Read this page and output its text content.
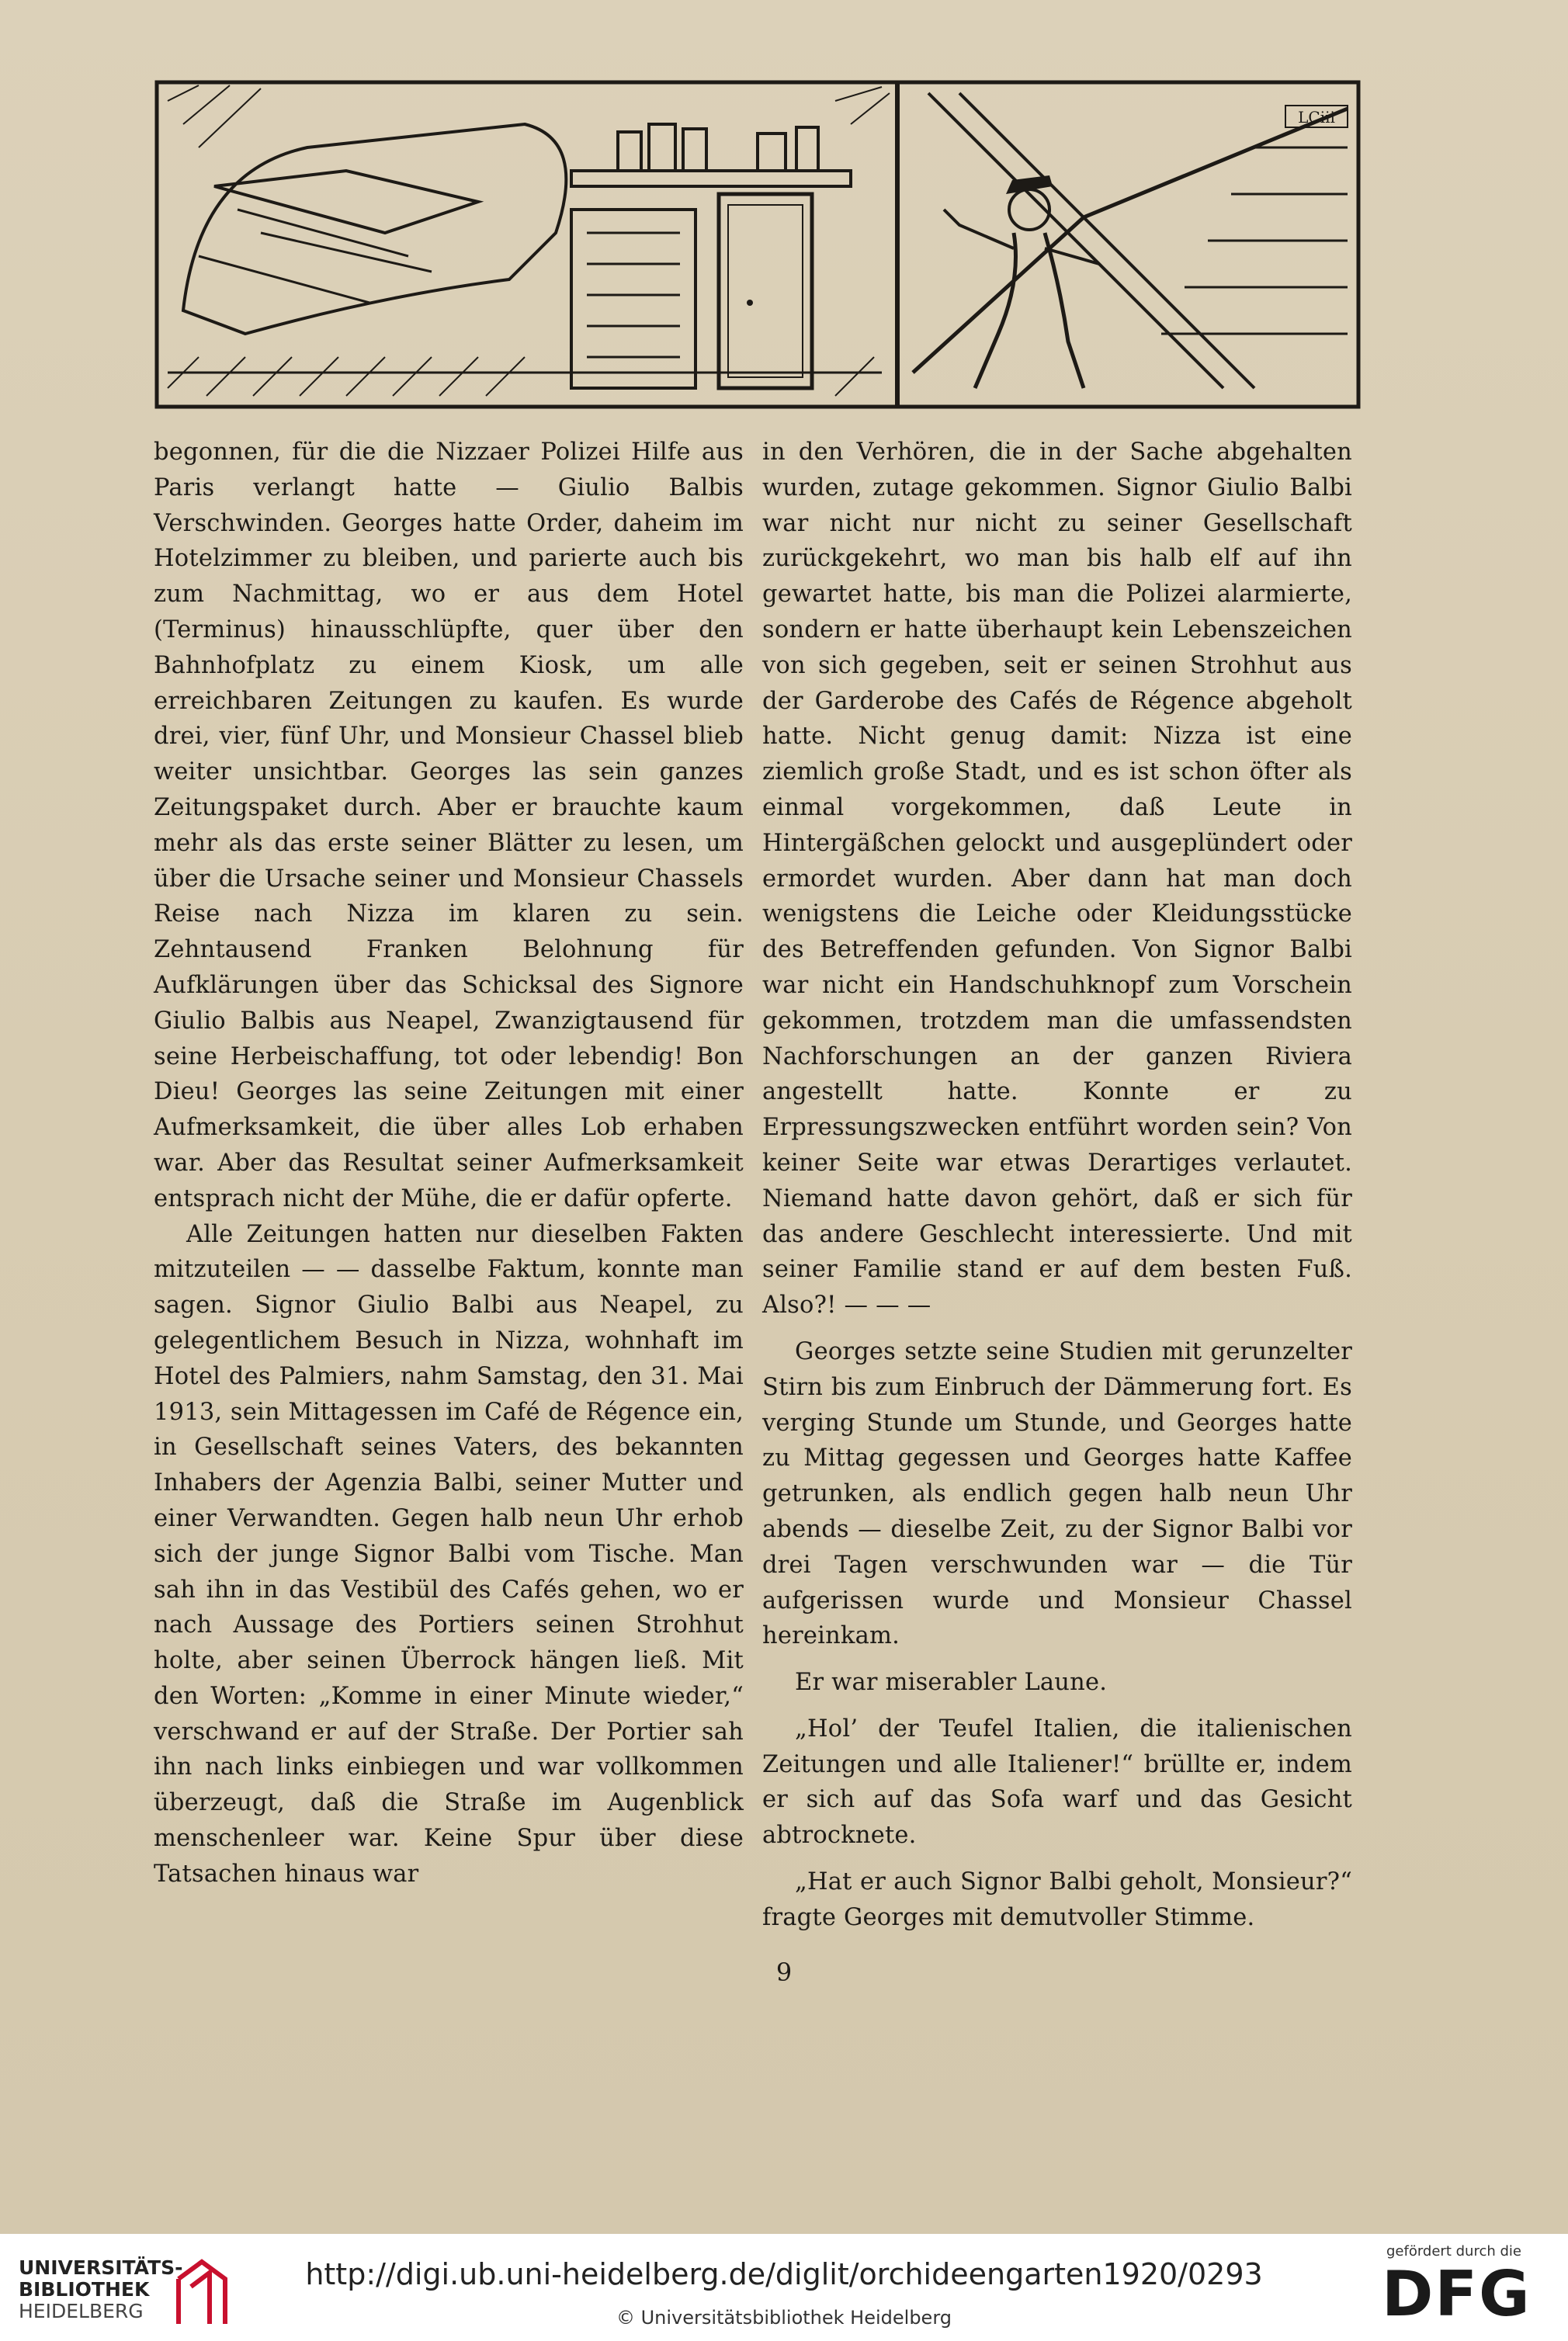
LCiii

begonnen, für die die Nizzaer Polizei Hilfe aus Paris verlangt hatte — Giulio Balbis Verschwinden. Georges hatte Order, daheim im Hotelzimmer zu bleiben, und parierte auch bis zum Nachmittag, wo er aus dem Hotel (Terminus) hinausschlüpfte, quer über den Bahnhofplatz zu einem Kiosk, um alle erreichbaren Zeitungen zu kaufen. Es wurde drei, vier, fünf Uhr, und Monsieur Chassel blieb weiter unsichtbar. Georges las sein ganzes Zeitungspaket durch. Aber er brauchte kaum mehr als das erste seiner Blätter zu lesen, um über die Ursache seiner und Monsieur Chassels Reise nach Nizza im klaren zu sein. Zehntausend Franken Belohnung für Aufklärungen über das Schicksal des Signore Giulio Balbis aus Neapel, Zwanzigtausend für seine Herbeischaffung, tot oder lebendig! Bon Dieu! Georges las seine Zeitungen mit einer Aufmerksamkeit, die über alles Lob erhaben war. Aber das Resultat seiner Aufmerksamkeit entsprach nicht der Mühe, die er dafür opferte.

Alle Zeitungen hatten nur dieselben Fakten mitzuteilen — — dasselbe Faktum, konnte man sagen. Signor Giulio Balbi aus Neapel, zu gelegentlichem Besuch in Nizza, wohnhaft im Hotel des Palmiers, nahm Samstag, den 31. Mai 1913, sein Mittagessen im Café de Régence ein, in Gesellschaft seines Vaters, des bekannten Inhabers der Agenzia Balbi, seiner Mutter und einer Verwandten. Gegen halb neun Uhr erhob sich der junge Signor Balbi vom Tische. Man sah ihn in das Vestibül des Cafés gehen, wo er nach Aussage des Portiers seinen Strohhut holte, aber seinen Überrock hängen ließ. Mit den Worten: „Komme in einer Minute wieder,“ verschwand er auf der Straße. Der Portier sah ihn nach links einbiegen und war vollkommen überzeugt, daß die Straße im Augenblick menschenleer war. Keine Spur über diese Tatsachen hinaus war

in den Verhören, die in der Sache abgehalten wurden, zutage gekommen. Signor Giulio Balbi war nicht nur nicht zu seiner Gesellschaft zurückgekehrt, wo man bis halb elf auf ihn gewartet hatte, bis man die Polizei alarmierte, sondern er hatte überhaupt kein Lebenszeichen von sich gegeben, seit er seinen Strohhut aus der Garderobe des Cafés de Régence abgeholt hatte. Nicht genug damit: Nizza ist eine ziemlich große Stadt, und es ist schon öfter als einmal vorgekommen, daß Leute in Hintergäßchen gelockt und ausgeplündert oder ermordet wurden. Aber dann hat man doch wenigstens die Leiche oder Kleidungsstücke des Betreffenden gefunden. Von Signor Balbi war nicht ein Handschuhknopf zum Vorschein gekommen, trotzdem man die umfassendsten Nachforschungen an der ganzen Riviera angestellt hatte. Konnte er zu Erpressungszwecken entführt worden sein? Von keiner Seite war etwas Derartiges verlautet. Niemand hatte davon gehört, daß er sich für das andere Geschlecht interessierte. Und mit seiner Familie stand er auf dem besten Fuß. Also?! — — —

Georges setzte seine Studien mit gerunzelter Stirn bis zum Einbruch der Dämmerung fort. Es verging Stunde um Stunde, und Georges hatte zu Mittag gegessen und Georges hatte Kaffee getrunken, als endlich gegen halb neun Uhr abends — dieselbe Zeit, zu der Signor Balbi vor drei Tagen verschwunden war — die Tür aufgerissen wurde und Monsieur Chassel hereinkam.

Er war miserabler Laune.

„Hol’ der Teufel Italien, die italienischen Zeitungen und alle Italiener!“ brüllte er, indem er sich auf das Sofa warf und das Gesicht abtrocknete.

„Hat er auch Signor Balbi geholt, Monsieur?“ fragte Georges mit demutvoller Stimme.

9
UNIVERSITÄTS-
BIBLIOTHEK
HEIDELBERG
http://digi.ub.uni-heidelberg.de/diglit/orchideengarten1920/0293
© Universitätsbibliothek Heidelberg
gefördert durch die
DFG
